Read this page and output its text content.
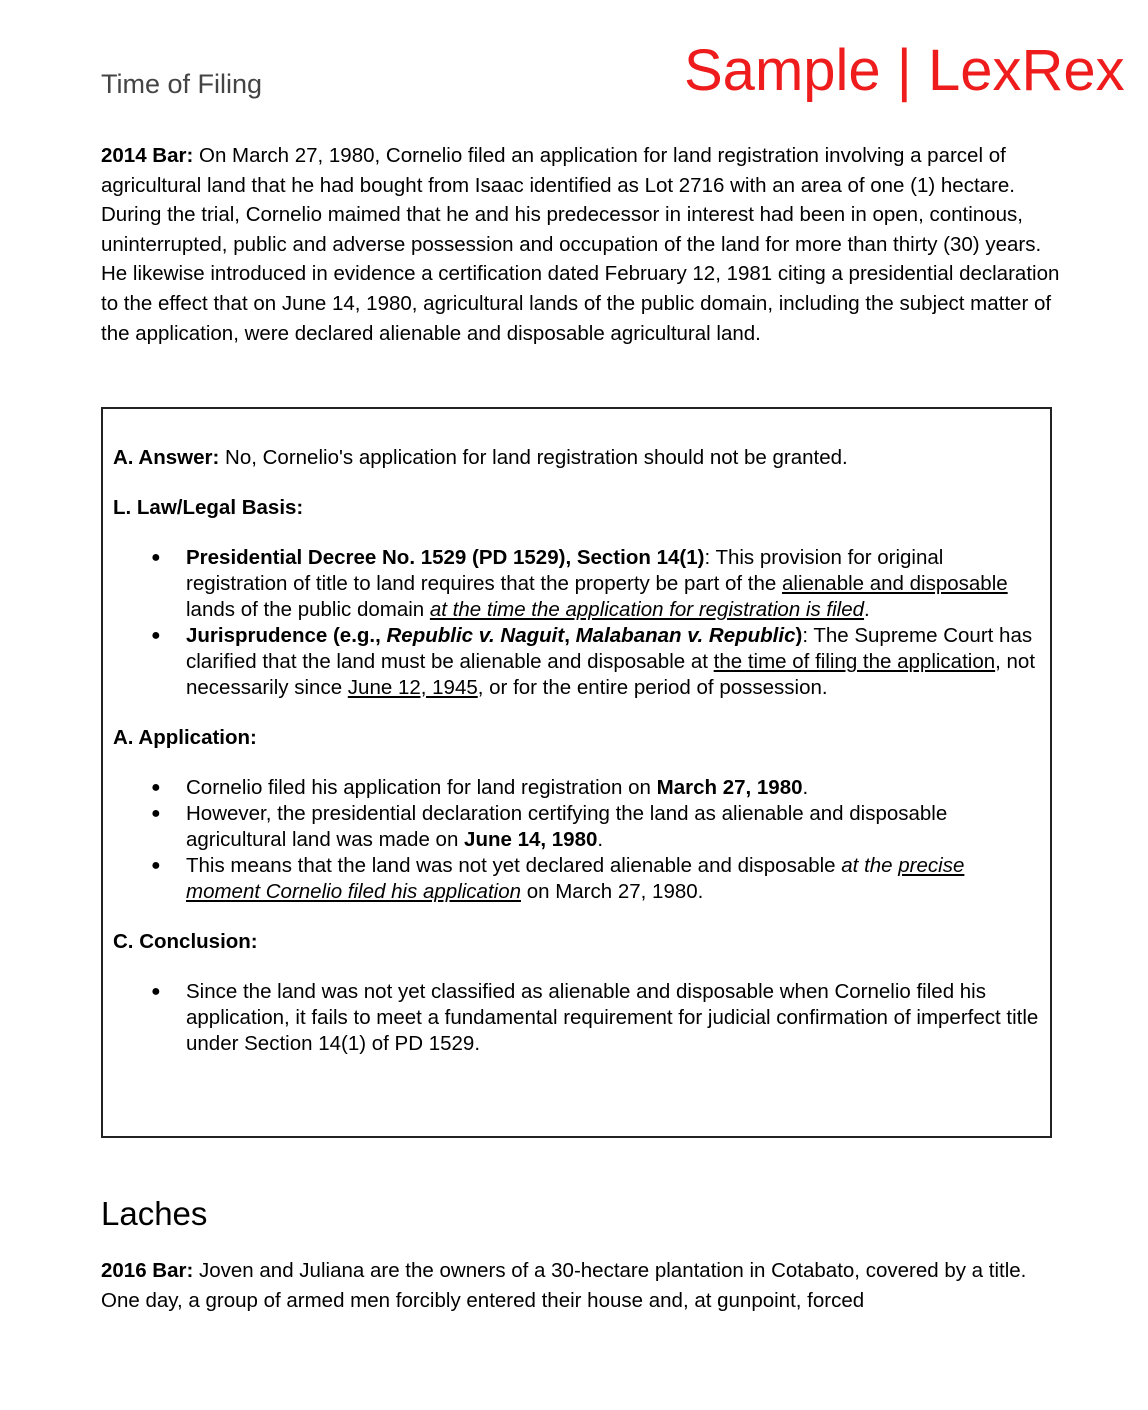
Sample | LexRex
Time of Filing

2014 Bar: On March 27, 1980, Cornelio filed an application for land registration involving a parcel of agricultural land that he had bought from Isaac identified as Lot 2716 with an area of one (1) hectare. During the trial, Cornelio maimed that he and his predecessor in interest had been in open, continous, uninterrupted, public and adverse possession and occupation of the land for more than thirty (30) years. He likewise introduced in evidence a certification dated February 12, 1981 citing a presidential declaration to the effect that on June 14, 1980, agricultural lands of the public domain, including the subject matter of the application, were declared alienable and disposable agricultural land.

A. Answer: No, Cornelio's application for land registration should not be granted.

L. Law/Legal Basis:

● Presidential Decree No. 1529 (PD 1529), Section 14(1): This provision for original registration of title to land requires that the property be part of the alienable and disposable lands of the public domain at the time the application for registration is filed.
● Jurisprudence (e.g., Republic v. Naguit, Malabanan v. Republic): The Supreme Court has clarified that the land must be alienable and disposable at the time of filing the application, not necessarily since June 12, 1945, or for the entire period of possession.

A. Application:

● Cornelio filed his application for land registration on March 27, 1980.
● However, the presidential declaration certifying the land as alienable and disposable agricultural land was made on June 14, 1980.
● This means that the land was not yet declared alienable and disposable at the precise moment Cornelio filed his application on March 27, 1980.

C. Conclusion:

● Since the land was not yet classified as alienable and disposable when Cornelio filed his application, it fails to meet a fundamental requirement for judicial confirmation of imperfect title under Section 14(1) of PD 1529.
Laches

2016 Bar: Joven and Juliana are the owners of a 30-hectare plantation in Cotabato, covered by a title. One day, a group of armed men forcibly entered their house and, at gunpoint, forced
